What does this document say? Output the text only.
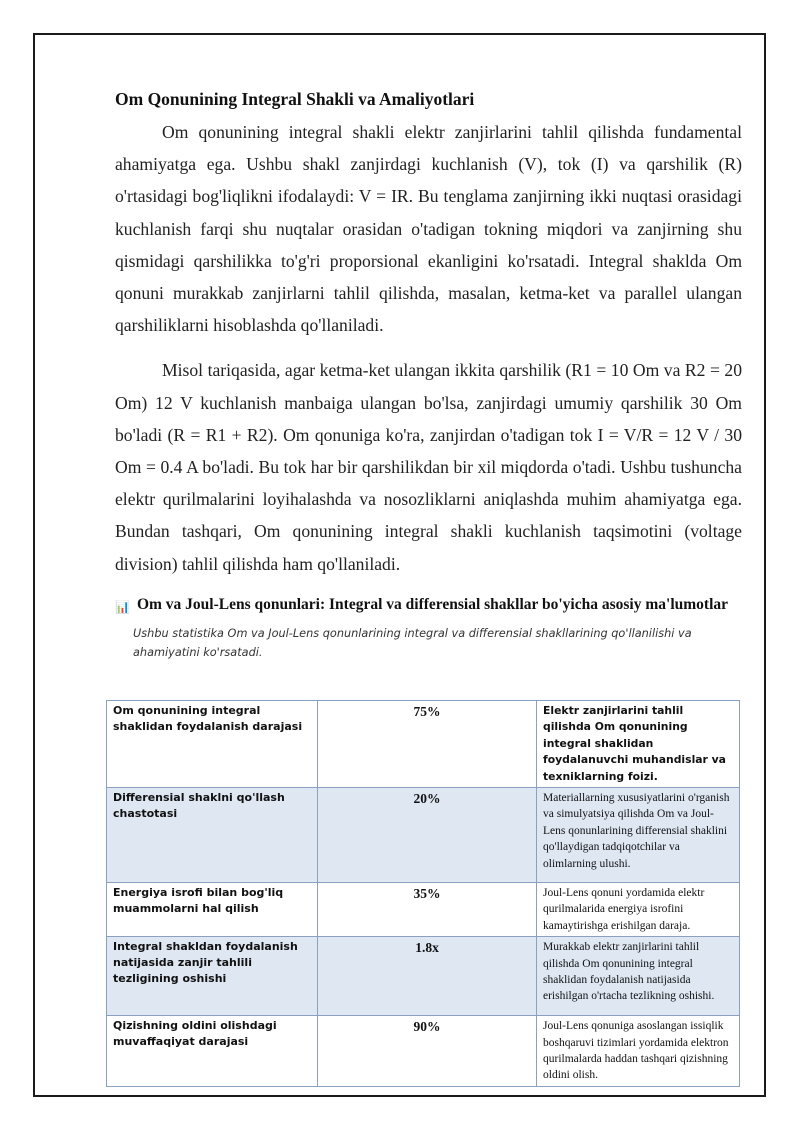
Om Qonunining Integral Shakli va Amaliyotlari

Om qonunining integral shakli elektr zanjirlarini tahlil qilishda fundamental ahamiyatga ega. Ushbu shakl zanjirdagi kuchlanish (V), tok (I) va qarshilik (R) o'rtasidagi bog'liqlikni ifodalaydi: V = IR. Bu tenglama zanjirning ikki nuqtasi orasidagi kuchlanish farqi shu nuqtalar orasidan o'tadigan tokning miqdori va zanjirning shu qismidagi qarshilikka to'g'ri proporsional ekanligini ko'rsatadi. Integral shaklda Om qonuni murakkab zanjirlarni tahlil qilishda, masalan, ketma-ket va parallel ulangan qarshiliklarni hisoblashda qo'llaniladi.

Misol tariqasida, agar ketma-ket ulangan ikkita qarshilik (R1 = 10 Om va R2 = 20 Om) 12 V kuchlanish manbaiga ulangan bo'lsa, zanjirdagi umumiy qarshilik 30 Om bo'ladi (R = R1 + R2). Om qonuniga ko'ra, zanjirdan o'tadigan tok I = V/R = 12 V / 30 Om = 0.4 A bo'ladi. Bu tok har bir qarshilikdan bir xil miqdorda o'tadi. Ushbu tushuncha elektr qurilmalarini loyihalashda va nosozliklarni aniqlashda muhim ahamiyatga ega. Bundan tashqari, Om qonunining integral shakli kuchlanish taqsimotini (voltage division) tahlil qilishda ham qo'llaniladi.

📊 Om va Joul-Lens qonunlari: Integral va differensial shakllar bo'yicha asosiy ma'lumotlar
Ushbu statistika Om va Joul-Lens qonunlarining integral va differensial shakllarining qo'llanilishi va ahamiyatini ko'rsatadi.
Om qonunining integral shaklidan foydalanish darajasi	75%	Elektr zanjirlarini tahlil qilishda Om qonunining integral shaklidan foydalanuvchi muhandislar va texniklarning foizi.
Differensial shaklni qo'llash chastotasi	20%	Materiallarning xususiyatlarini o'rganish va simulyatsiya qilishda Om va Joul-Lens qonunlarining differensial shaklini qo'llaydigan tadqiqotchilar va olimlarning ulushi.
Energiya isrofi bilan bog'liq muammolarni hal qilish	35%	Joul-Lens qonuni yordamida elektr qurilmalarida energiya isrofini kamaytirishga erishilgan daraja.
Integral shakldan foydalanish natijasida zanjir tahlili tezligining oshishi	1.8x	Murakkab elektr zanjirlarini tahlil qilishda Om qonunining integral shaklidan foydalanish natijasida erishilgan o'rtacha tezlikning oshishi.
Qizishning oldini olishdagi muvaffaqiyat darajasi	90%	Joul-Lens qonuniga asoslangan issiqlik boshqaruvi tizimlari yordamida elektron qurilmalarda haddan tashqari qizishning oldini olish.
